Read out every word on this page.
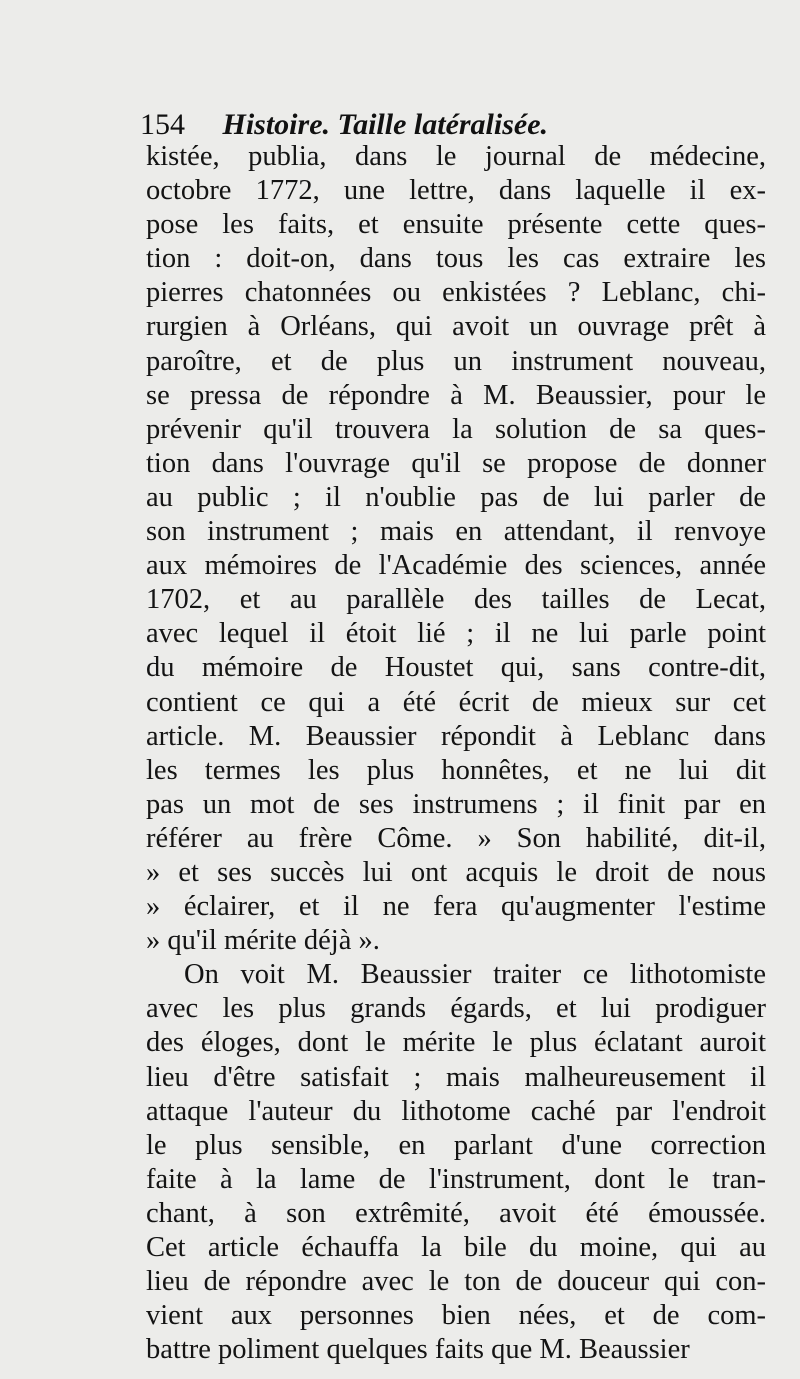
154 Histoire. Taille latéralisée.
kistée, publia, dans le journal de médecine,
octobre 1772, une lettre, dans laquelle il ex-
pose les faits, et ensuite présente cette ques-
tion : doit-on, dans tous les cas extraire les
pierres chatonnées ou enkistées ? Leblanc, chi-
rurgien à Orléans, qui avoit un ouvrage prêt à
paroître, et de plus un instrument nouveau,
se pressa de répondre à M. Beaussier, pour le
prévenir qu'il trouvera la solution de sa ques-
tion dans l'ouvrage qu'il se propose de donner
au public ; il n'oublie pas de lui parler de
son instrument ; mais en attendant, il renvoye
aux mémoires de l'Académie des sciences, année
1702, et au parallèle des tailles de Lecat,
avec lequel il étoit lié ; il ne lui parle point
du mémoire de Houstet qui, sans contre-dit,
contient ce qui a été écrit de mieux sur cet
article. M. Beaussier répondit à Leblanc dans
les termes les plus honnêtes, et ne lui dit
pas un mot de ses instrumens ; il finit par en
référer au frère Côme. » Son habilité, dit-il,
» et ses succès lui ont acquis le droit de nous
» éclairer, et il ne fera qu'augmenter l'estime
» qu'il mérite déjà ».
On voit M. Beaussier traiter ce lithotomiste
avec les plus grands égards, et lui prodiguer
des éloges, dont le mérite le plus éclatant auroit
lieu d'être satisfait ; mais malheureusement il
attaque l'auteur du lithotome caché par l'endroit
le plus sensible, en parlant d'une correction
faite à la lame de l'instrument, dont le tran-
chant, à son extrêmité, avoit été émoussée.
Cet article échauffa la bile du moine, qui au
lieu de répondre avec le ton de douceur qui con-
vient aux personnes bien nées, et de com-
battre poliment quelques faits que M. Beaussier
